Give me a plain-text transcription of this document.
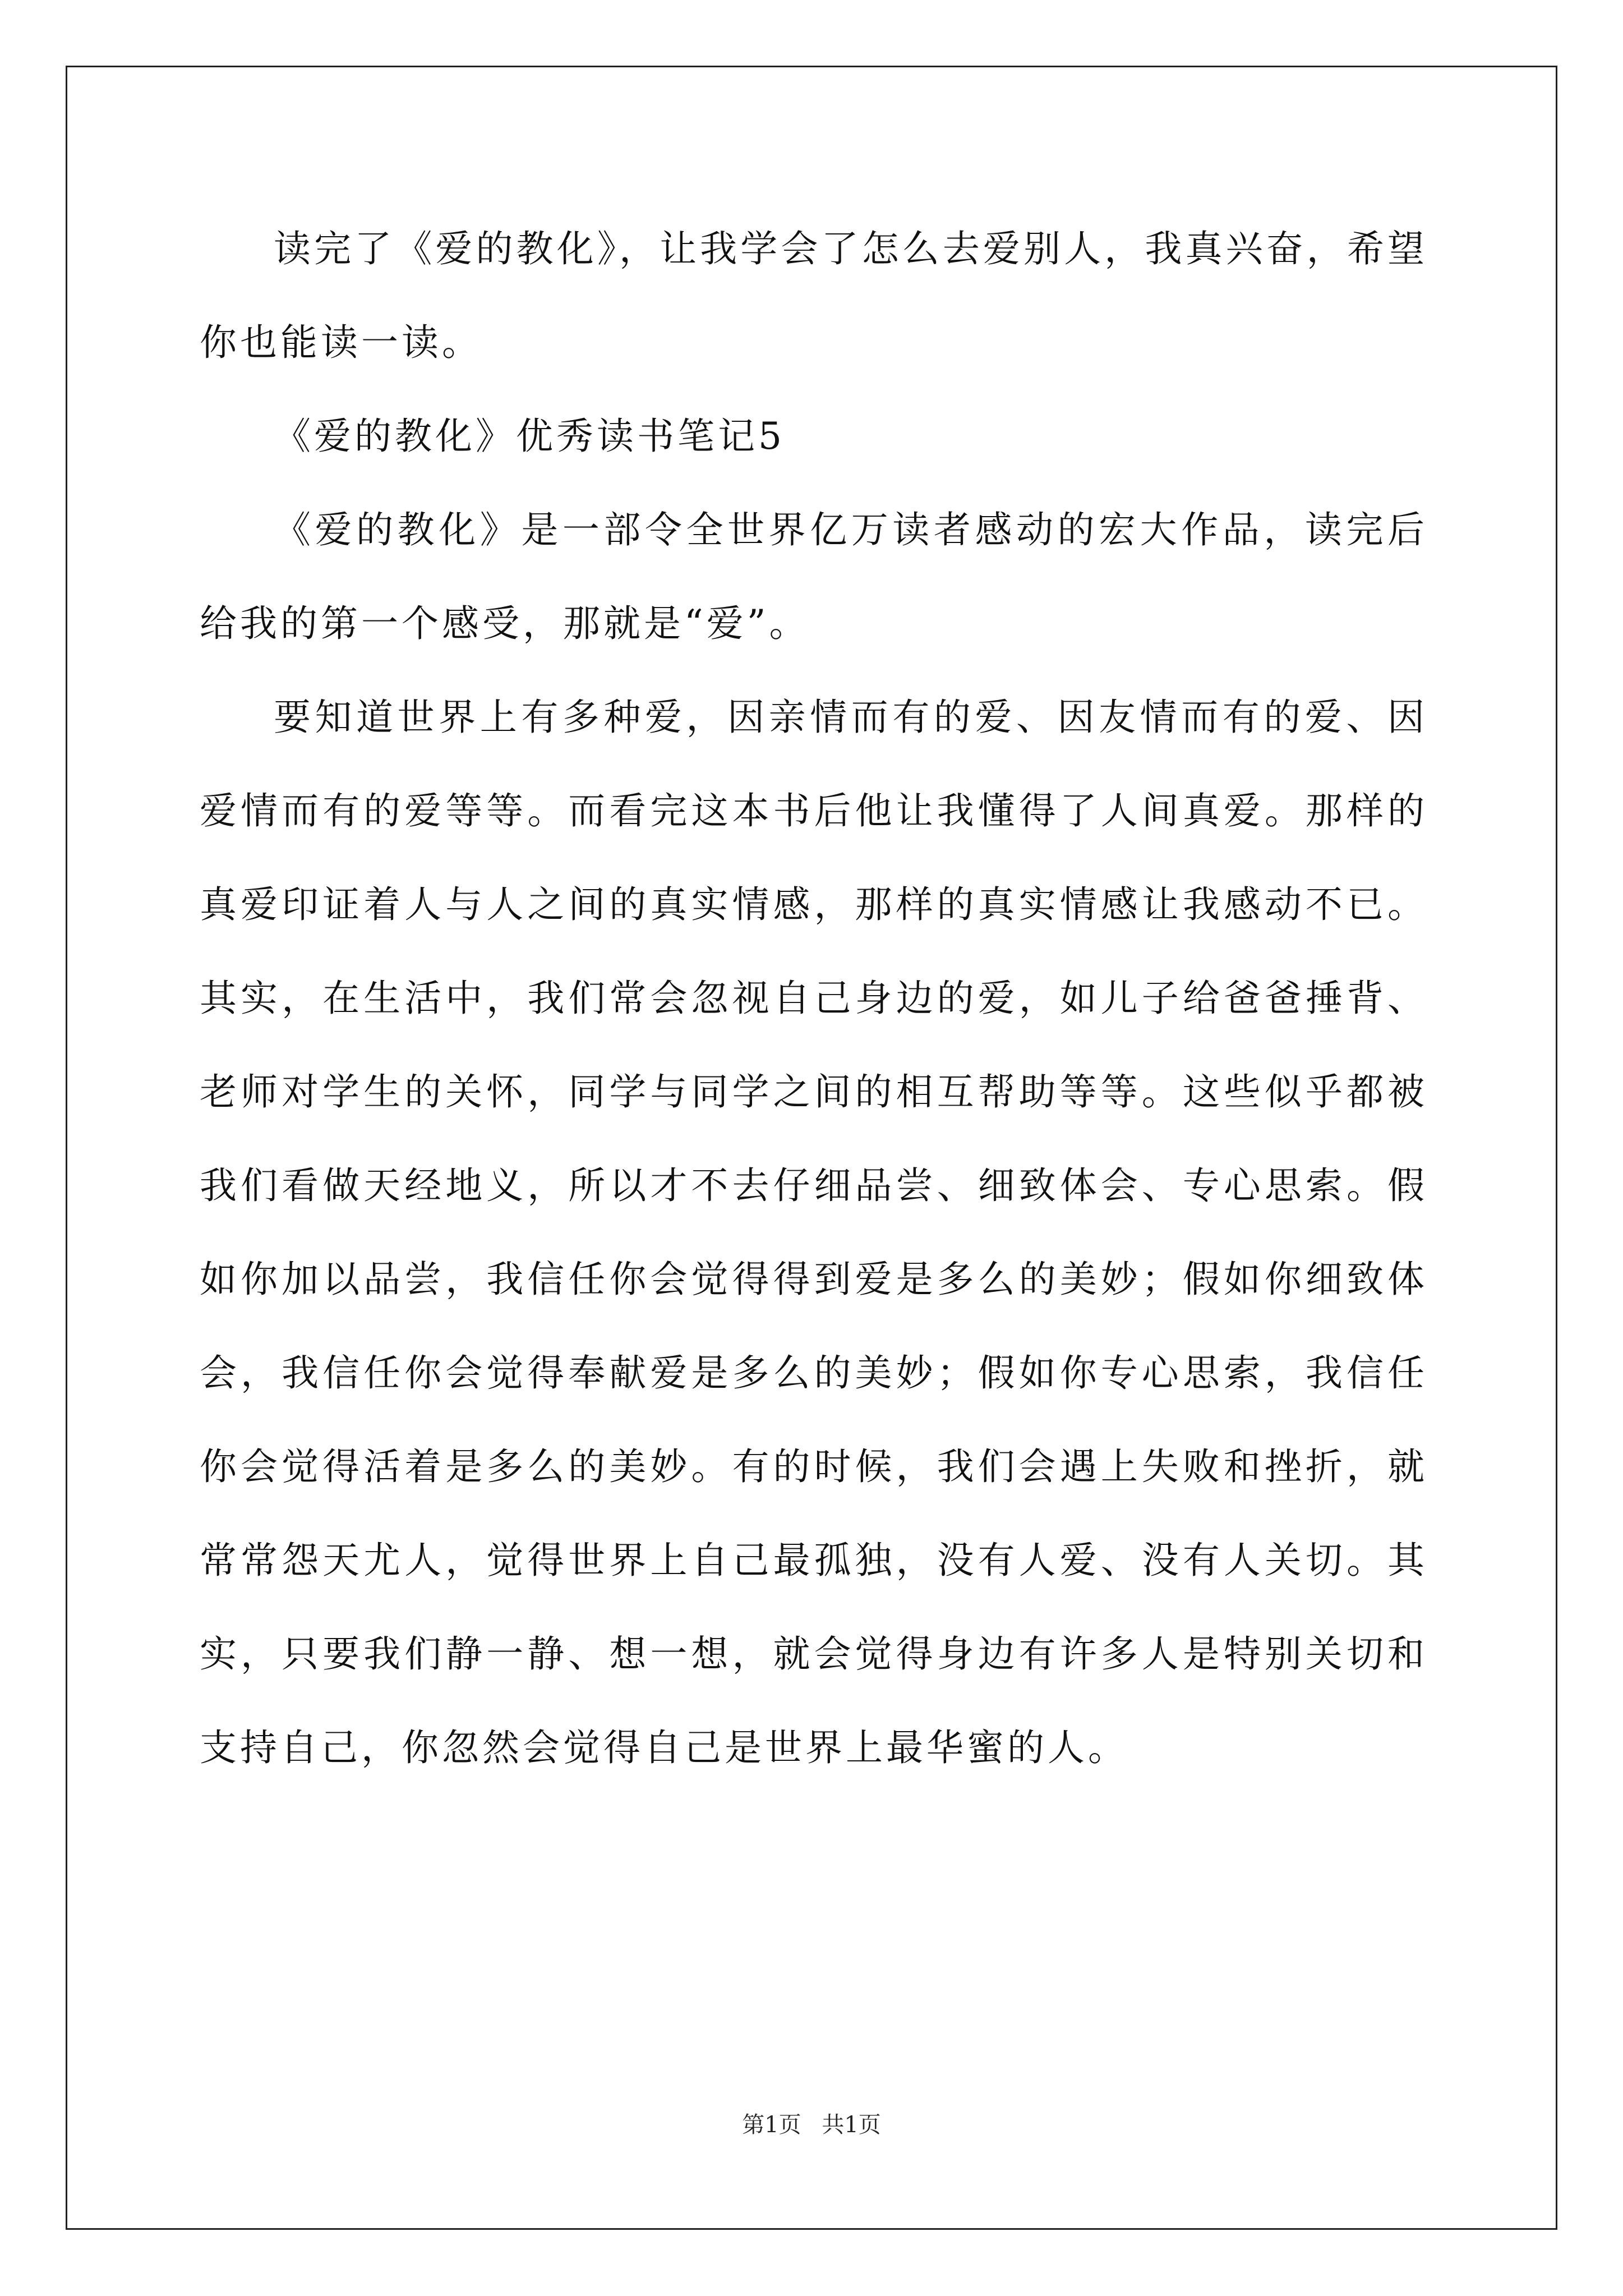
读完了《爱的教化》，让我学会了怎么去爱别人，我真兴奋，希望你也能读一读。

《爱的教化》优秀读书笔记5

《爱的教化》是一部令全世界亿万读者感动的宏大作品，读完后给我的第一个感受，那就是“爱”。

要知道世界上有多种爱，因亲情而有的爱、因友情而有的爱、因爱情而有的爱等等。而看完这本书后他让我懂得了人间真爱。那样的真爱印证着人与人之间的真实情感，那样的真实情感让我感动不已。其实，在生活中，我们常会忽视自己身边的爱，如儿子给爸爸捶背、老师对学生的关怀，同学与同学之间的相互帮助等等。这些似乎都被我们看做天经地义，所以才不去仔细品尝、细致体会、专心思索。假如你加以品尝，我信任你会觉得得到爱是多么的美妙；假如你细致体会，我信任你会觉得奉献爱是多么的美妙；假如你专心思索，我信任你会觉得活着是多么的美妙。有的时候，我们会遇上失败和挫折，就常常怨天尤人，觉得世界上自己最孤独，没有人爱、没有人关切。其实，只要我们静一静、想一想，就会觉得身边有许多人是特别关切和支持自己，你忽然会觉得自己是世界上最华蜜的人。

第1页 共1页
